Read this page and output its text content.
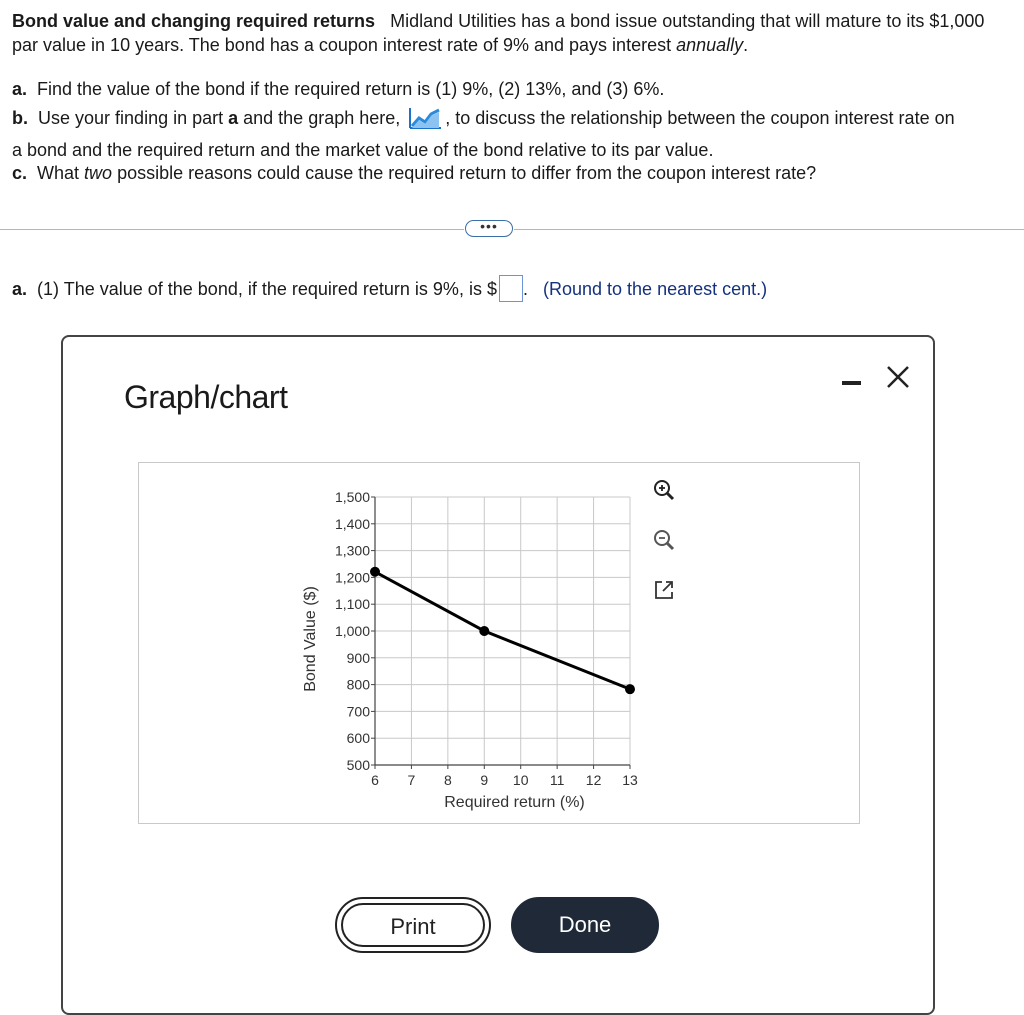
Bond value and changing required returns Midland Utilities has a bond issue outstanding that will mature to its $1,000 par value in 10 years. The bond has a coupon interest rate of 9% and pays interest annually.
a. Find the value of the bond if the required return is (1) 9%, (2) 13%, and (3) 6%.
b. Use your finding in part a and the graph here,	, to discuss the relationship between the coupon interest rate on
a bond and the required return and the market value of the bond relative to its par value.
c. What two possible reasons could cause the required return to differ from the coupon interest rate?
•••
a. (1) The value of the bond, if the required return is 9%, is $ . (Round to the nearest cent.)
Graph/chart
500
600
700
800
900
1,000
1,100
1,200
1,300
1,400
1,500
6 7 8 9 10 11 12 13
Required return (%)
Bond Value ($)
Print	Done
